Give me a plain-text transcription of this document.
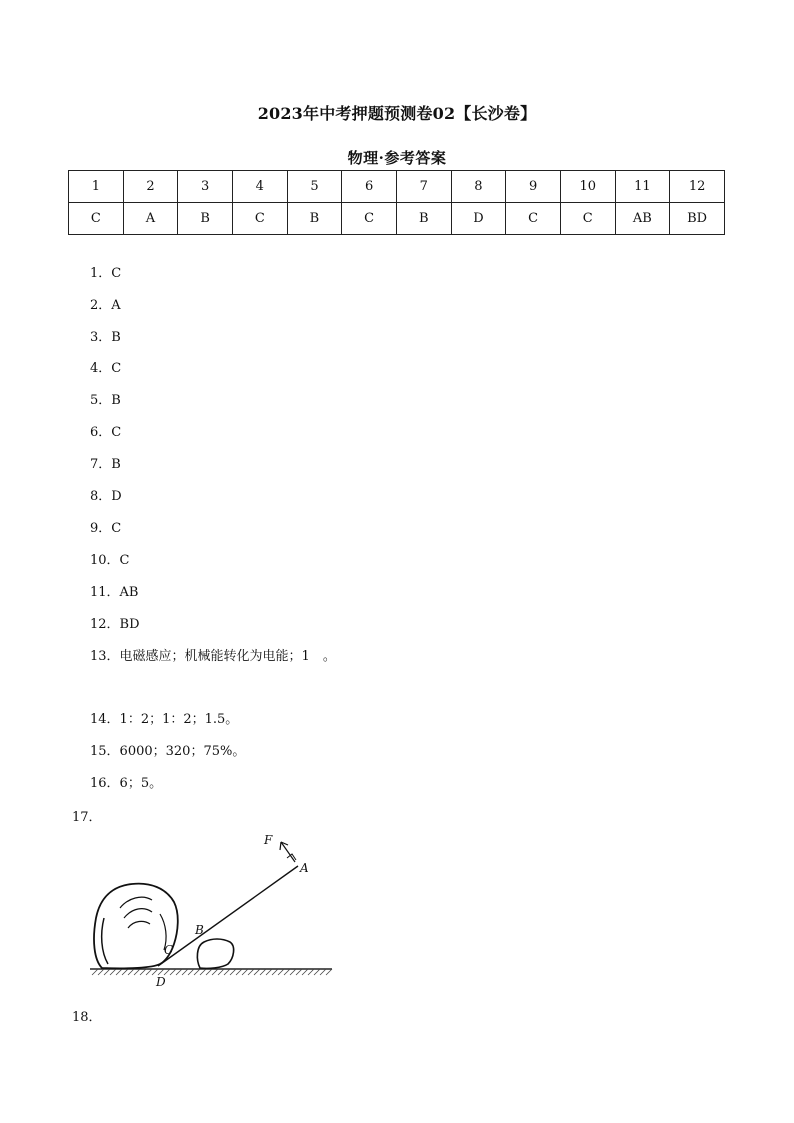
2023年中考押题预测卷02【长沙卷】
物理·参考答案
1	2	3	4	5	6	7	8	9	10	11	12
C	A	B	C	B	C	B	D	C	C	AB	BD
1．C
2．A
3．B
4．C
5．B
6．C
7．B
8．D
9．C
10．C
11．AB
12．BD
13．电磁感应；机械能转化为电能；1　。
14．1：2；1：2；1.5。
15．6000；320；75%。
16．6；5。
17．
F
A
B
C
D
18．
